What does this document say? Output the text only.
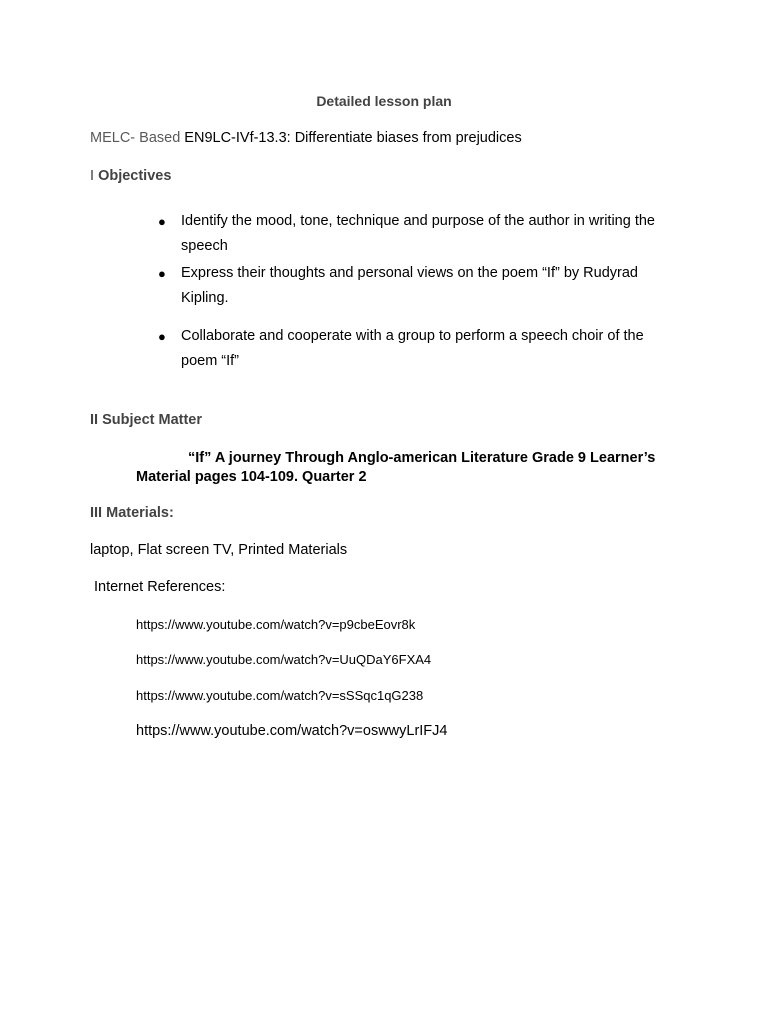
Detailed lesson plan
MELC- Based EN9LC-IVf-13.3: Differentiate biases from prejudices
I Objectives
● Identify the mood, tone, technique and purpose of the author in writing the speech
● Express their thoughts and personal views on the poem “If” by Rudyrad Kipling.
● Collaborate and cooperate with a group to perform a speech choir of the poem “If”
II Subject Matter
“If” A journey Through Anglo-american Literature Grade 9 Learner’s Material pages 104-109. Quarter 2
III Materials:
laptop, Flat screen TV, Printed Materials
Internet References:
https://www.youtube.com/watch?v=p9cbeEovr8k
https://www.youtube.com/watch?v=UuQDaY6FXA4
https://www.youtube.com/watch?v=sSSqc1qG238
https://www.youtube.com/watch?v=oswwyLrIFJ4
